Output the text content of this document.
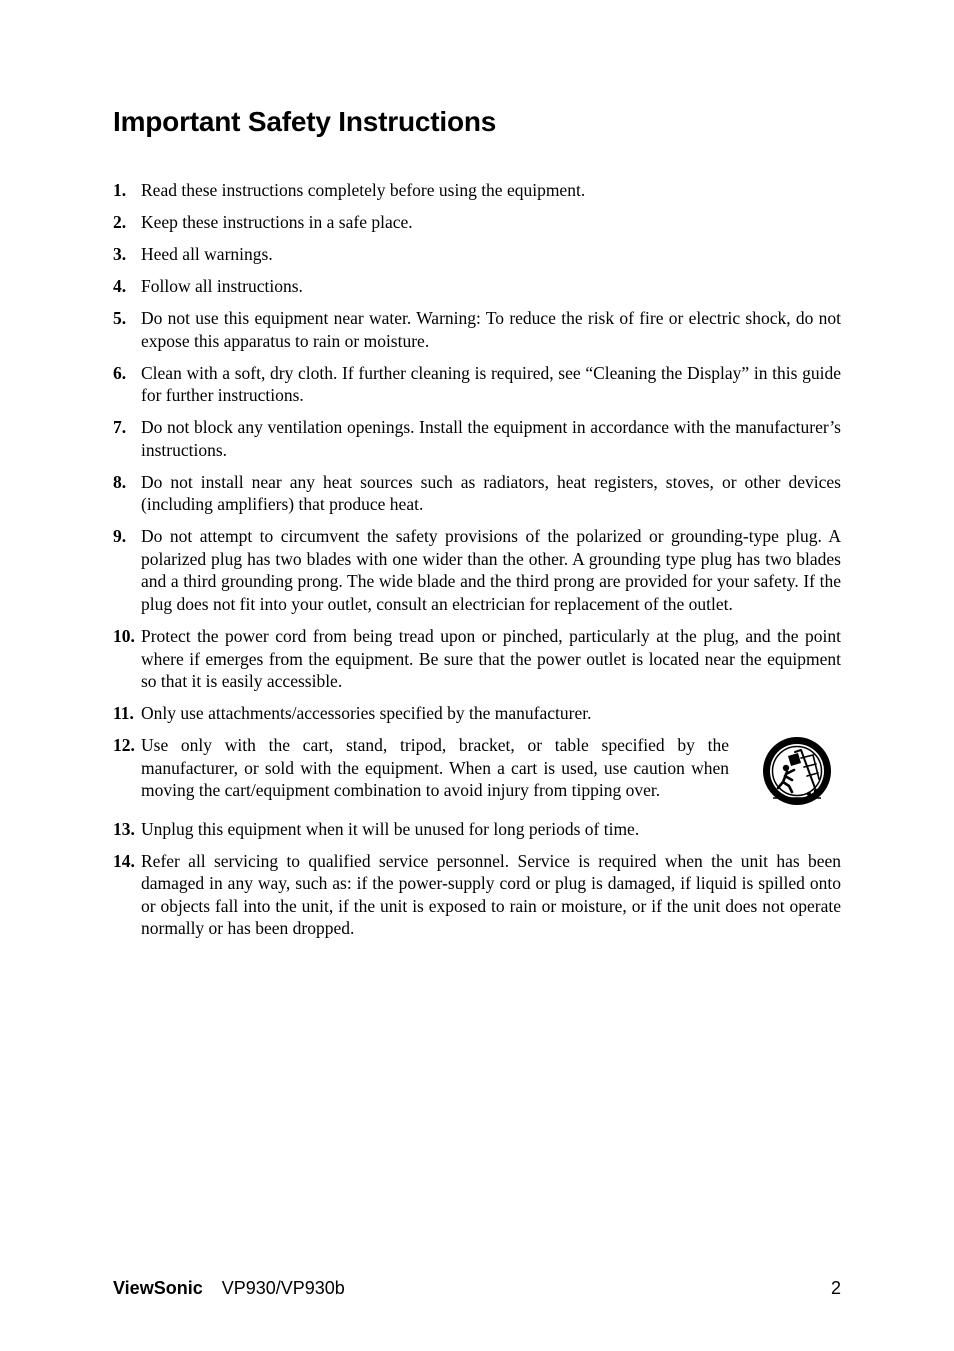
Important Safety Instructions
1. Read these instructions completely before using the equipment.
2. Keep these instructions in a safe place.
3. Heed all warnings.
4. Follow all instructions.
5. Do not use this equipment near water. Warning: To reduce the risk of fire or electric shock, do not expose this apparatus to rain or moisture.
6. Clean with a soft, dry cloth. If further cleaning is required, see “Cleaning the Display” in this guide for further instructions.
7. Do not block any ventilation openings. Install the equipment in accordance with the manufacturer’s instructions.
8. Do not install near any heat sources such as radiators, heat registers, stoves, or other devices (including amplifiers) that produce heat.
9. Do not attempt to circumvent the safety provisions of the polarized or grounding-type plug. A polarized plug has two blades with one wider than the other. A grounding type plug has two blades and a third grounding prong. The wide blade and the third prong are provided for your safety. If the plug does not fit into your outlet, consult an electrician for replacement of the outlet.
10. Protect the power cord from being tread upon or pinched, particularly at the plug, and the point where if emerges from the equipment. Be sure that the power outlet is located near the equipment so that it is easily accessible.
11. Only use attachments/accessories specified by the manufacturer.
12. Use only with the cart, stand, tripod, bracket, or table specified by the manufacturer, or sold with the equipment. When a cart is used, use caution when moving the cart/equipment combination to avoid injury from tipping over.
13. Unplug this equipment when it will be unused for long periods of time.
14. Refer all servicing to qualified service personnel. Service is required when the unit has been damaged in any way, such as: if the power-supply cord or plug is damaged, if liquid is spilled onto or objects fall into the unit, if the unit is exposed to rain or moisture, or if the unit does not operate normally or has been dropped.
ViewSonic VP930/VP930b	2
